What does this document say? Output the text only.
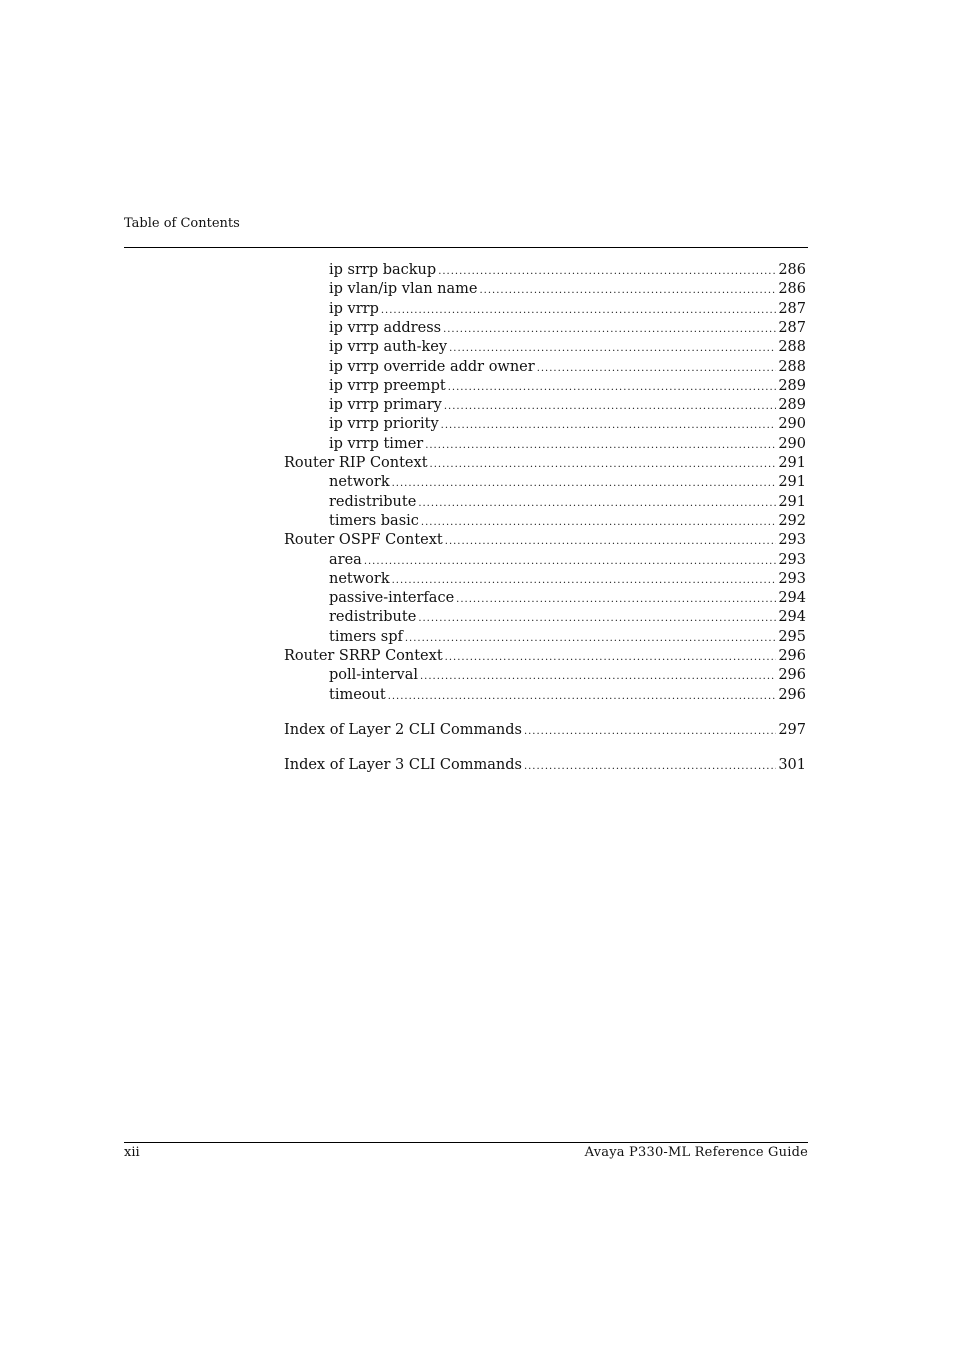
Table of Contents
ip srrp backup .....	286
ip vlan/ip vlan name .....	286
ip vrrp .....	287
ip vrrp address .....	287
ip vrrp auth-key .....	288
ip vrrp override addr owner .....	288
ip vrrp preempt .....	289
ip vrrp primary .....	289
ip vrrp priority .....	290
ip vrrp timer .....	290
Router RIP Context .....	291
network .....	291
redistribute .....	291
timers basic .....	292
Router OSPF Context .....	293
area .....	293
network .....	293
passive-interface .....	294
redistribute .....	294
timers spf .....	295
Router SRRP Context .....	296
poll-interval .....	296
timeout .....	296
Index of Layer 2 CLI Commands .....	297
Index of Layer 3 CLI Commands .....	301
xii	Avaya P330-ML Reference Guide
